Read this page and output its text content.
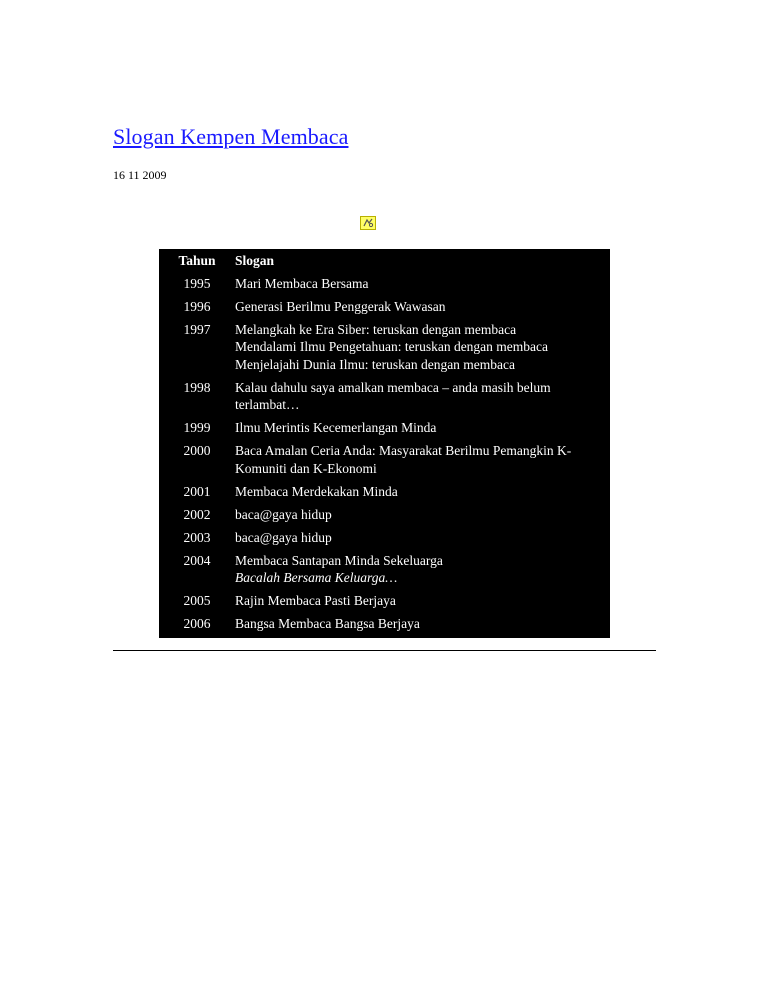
Slogan Kempen Membaca
16 11 2009
Tahun	Slogan
1995	Mari Membaca Bersama

1996	Generasi Berilmu Penggerak Wawasan

1997	Melangkah ke Era Siber: teruskan dengan membaca
Mendalami Ilmu Pengetahuan: teruskan dengan membaca
Menjelajahi Dunia Ilmu: teruskan dengan membaca

1998	Kalau dahulu saya amalkan membaca – anda masih belum terlambat…

1999	Ilmu Merintis Kecemerlangan Minda

2000	Baca Amalan Ceria Anda: Masyarakat Berilmu Pemangkin K-Komuniti dan K-Ekonomi

2001	Membaca Merdekakan Minda

2002	baca@gaya hidup

2003	baca@gaya hidup

2004	Membaca Santapan Minda Sekeluarga
Bacalah Bersama Keluarga…

2005	Rajin Membaca Pasti Berjaya

2006	Bangsa Membaca Bangsa Berjaya
